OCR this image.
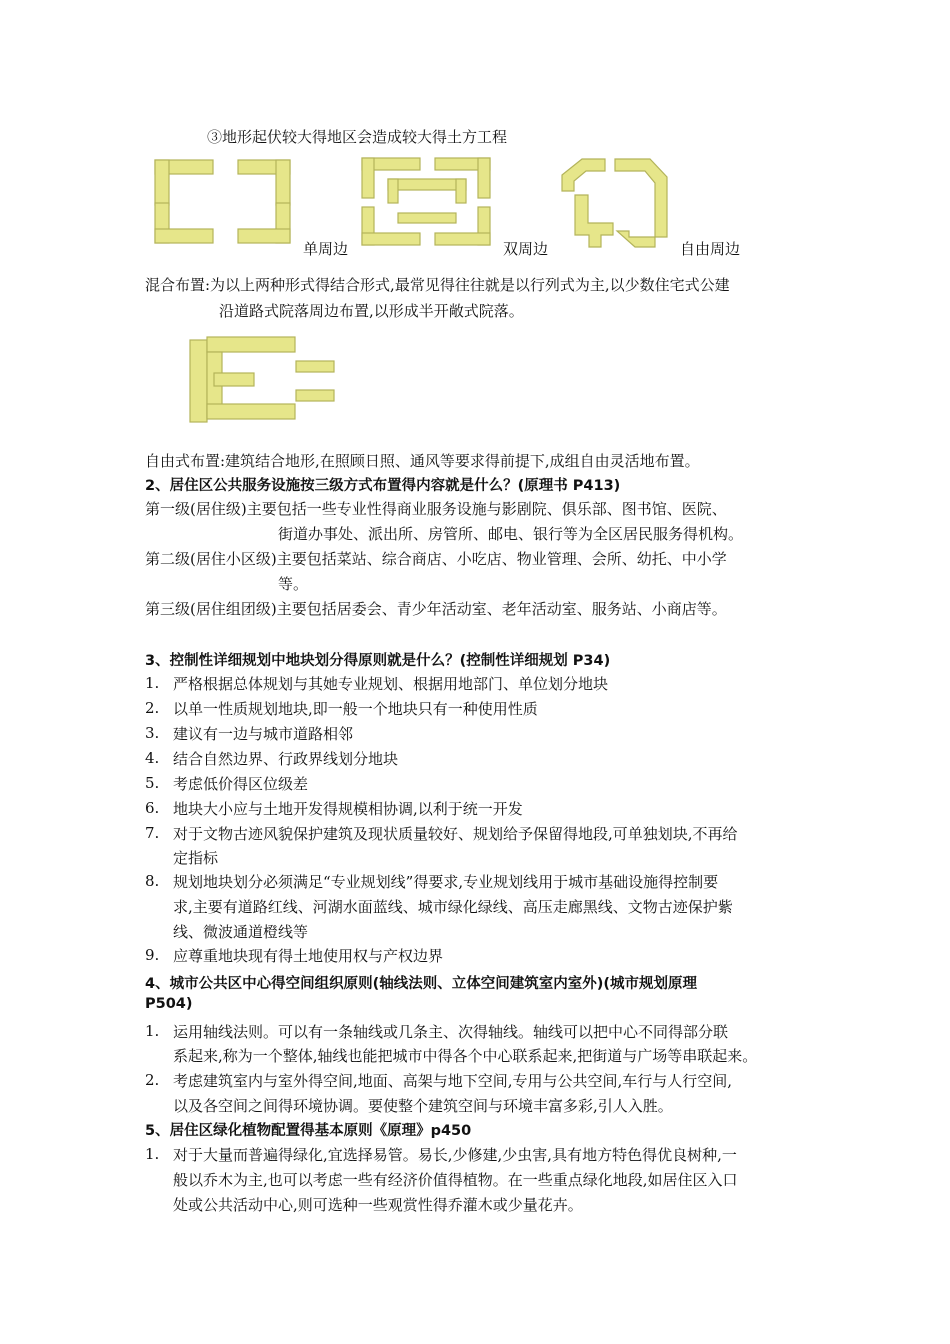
③地形起伏较大得地区会造成较大得土方工程
单周边	双周边	自由周边
混合布置:为以上两种形式得结合形式,最常见得往往就是以行列式为主,以少数住宅式公建
沿道路式院落周边布置,以形成半开敞式院落。
自由式布置:建筑结合地形,在照顾日照、通风等要求得前提下,成组自由灵活地布置。
2、居住区公共服务设施按三级方式布置得内容就是什么？(原理书 P413)
第一级(居住级)主要包括一些专业性得商业服务设施与影剧院、俱乐部、图书馆、医院、
街道办事处、派出所、房管所、邮电、银行等为全区居民服务得机构。
第二级(居住小区级)主要包括菜站、综合商店、小吃店、物业管理、会所、幼托、中小学
等。
第三级(居住组团级)主要包括居委会、青少年活动室、老年活动室、服务站、小商店等。
3、控制性详细规划中地块划分得原则就是什么？(控制性详细规划 P34)
1. 严格根据总体规划与其她专业规划、根据用地部门、单位划分地块
2. 以单一性质规划地块,即一般一个地块只有一种使用性质
3. 建议有一边与城市道路相邻
4. 结合自然边界、行政界线划分地块
5. 考虑低价得区位级差
6. 地块大小应与土地开发得规模相协调,以利于统一开发
7. 对于文物古迹风貌保护建筑及现状质量较好、规划给予保留得地段,可单独划块,不再给
定指标
8. 规划地块划分必须满足“专业规划线”得要求,专业规划线用于城市基础设施得控制要
求,主要有道路红线、河湖水面蓝线、城市绿化绿线、高压走廊黑线、文物古迹保护紫
线、微波通道橙线等
9. 应尊重地块现有得土地使用权与产权边界
4、城市公共区中心得空间组织原则(轴线法则、立体空间建筑室内室外)(城市规划原理
P504)
1. 运用轴线法则。可以有一条轴线或几条主、次得轴线。轴线可以把中心不同得部分联
系起来,称为一个整体,轴线也能把城市中得各个中心联系起来,把街道与广场等串联起来。
2. 考虑建筑室内与室外得空间,地面、高架与地下空间,专用与公共空间,车行与人行空间,
以及各空间之间得环境协调。要使整个建筑空间与环境丰富多彩,引人入胜。
5、居住区绿化植物配置得基本原则《原理》p450
1. 对于大量而普遍得绿化,宜选择易管。易长,少修建,少虫害,具有地方特色得优良树种,一
般以乔木为主,也可以考虑一些有经济价值得植物。在一些重点绿化地段,如居住区入口
处或公共活动中心,则可选种一些观赏性得乔灌木或少量花卉。
